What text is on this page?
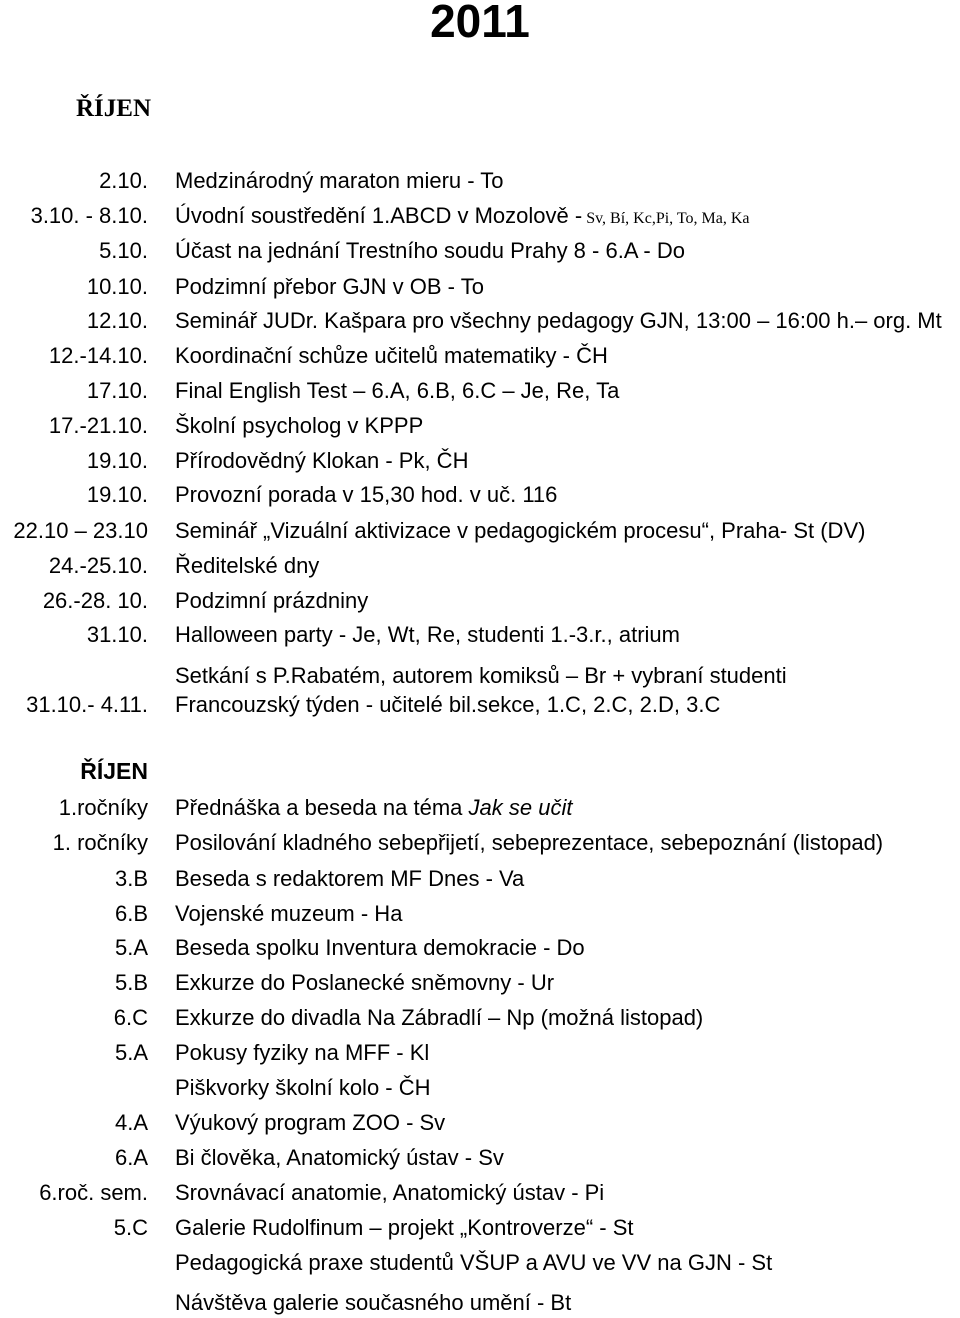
2011
ŘÍJEN
2.10. Medzinárodný maraton mieru - To
3.10. - 8.10. Úvodní soustředění 1.ABCD v Mozolově - Sv, Bí, Kc,Pi, To, Ma, Ka
5.10. Účast na jednání Trestního soudu Prahy 8 - 6.A - Do
10.10. Podzimní přebor GJN v OB - To
12.10. Seminář JUDr. Kašpara pro všechny pedagogy GJN, 13:00 – 16:00 h.– org. Mt
12.-14.10. Koordinační schůze učitelů matematiky - ČH
17.10. Final English Test – 6.A, 6.B, 6.C – Je, Re, Ta
17.-21.10. Školní psycholog v KPPP
19.10. Přírodovědný Klokan - Pk, ČH
19.10. Provozní porada v 15,30 hod. v uč. 116
22.10 – 23.10 Seminář „Vizuální aktivizace v pedagogickém procesu“, Praha- St (DV)
24.-25.10. Ředitelské dny
26.-28. 10. Podzimní prázdniny
31.10. Halloween party - Je, Wt, Re, studenti 1.-3.r., atrium
Setkání s P.Rabatém, autorem komiksů – Br + vybraní studenti
31.10.- 4.11. Francouzský týden - učitelé bil.sekce, 1.C, 2.C, 2.D, 3.C
ŘÍJEN
1.ročníky Přednáška a beseda na téma Jak se učit
1. ročníky Posilování kladného sebepřijetí, sebeprezentace, sebepoznání (listopad)
3.B Beseda s redaktorem MF Dnes - Va
6.B Vojenské muzeum - Ha
5.A Beseda spolku Inventura demokracie - Do
5.B Exkurze do Poslanecké sněmovny - Ur
6.C Exkurze do divadla Na Zábradlí – Np (možná listopad)
5.A Pokusy fyziky na MFF - Kl
Piškvorky školní kolo - ČH
4.A Výukový program ZOO - Sv
6.A Bi člověka, Anatomický ústav - Sv
6.roč. sem. Srovnávací anatomie, Anatomický ústav - Pi
5.C Galerie Rudolfinum – projekt „Kontroverze“ - St
Pedagogická praxe studentů VŠUP a AVU ve VV na GJN - St
Návštěva galerie současného umění - Bt
